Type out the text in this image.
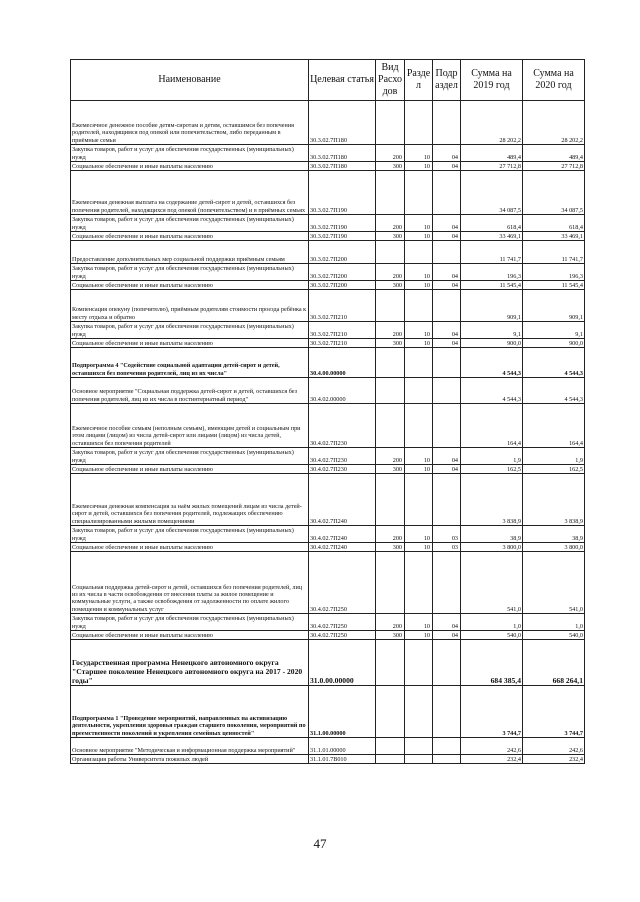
Наименование	Целевая статья	Вид Расхо дов	Разде л	Подр аздел	Сумма на 2019 год	Сумма на 2020 год
Ежемесячное денежное пособие детям-сиротам и детям, оставшимся без попечения родителей, находящимся под опекой или попечительством, либо переданным в приёмные семьи	30.3.02.7П180				28 202,2	28 202,2
Закупка товаров, работ и услуг для обеспечения государственных (муниципальных) нужд	30.3.02.7П180	200	10	04	489,4	489,4
Социальное обеспечение и иные выплаты населению	30.3.02.7П180	300	10	04	27 712,8	27 712,8
Ежемесячная денежная выплата на содержание детей-сирот и детей, оставшихся без попечения родителей, находящихся под опекой (попечительством) и в приёмных семьях	30.3.02.7П190				34 087,5	34 087,5
Закупка товаров, работ и услуг для обеспечения государственных (муниципальных) нужд	30.3.02.7П190	200	10	04	618,4	618,4
Социальное обеспечение и иные выплаты населению	30.3.02.7П190	300	10	04	33 469,1	33 469,1
Предоставление дополнительных мер социальной поддержки приёмным семьям	30.3.02.7П200				11 741,7	11 741,7
Закупка товаров, работ и услуг для обеспечения государственных (муниципальных) нужд	30.3.02.7П200	200	10	04	196,3	196,3
Социальное обеспечение и иные выплаты населению	30.3.02.7П200	300	10	04	11 545,4	11 545,4
Компенсация опекуну (попечителю), приёмным родителям стоимости проезда ребёнка к месту отдыха и обратно	30.3.02.7П210				909,1	909,1
Закупка товаров, работ и услуг для обеспечения государственных (муниципальных) нужд	30.3.02.7П210	200	10	04	9,1	9,1
Социальное обеспечение и иные выплаты населению	30.3.02.7П210	300	10	04	900,0	900,0
Подпрограмма 4 "Содействие социальной адаптации детей-сирот и детей, оставшихся без попечения родителей, лиц из их числа"	30.4.00.00000				4 544,3	4 544,3
Основное мероприятие "Социальная поддержка детей-сирот и детей, оставшихся без попечения родителей, лиц из их числа в постинтернатный период"	30.4.02.00000				4 544,3	4 544,3
Ежемесячное пособие семьям (неполным семьям), имеющим детей и социальным при этом лицами (лицом) из числа детей-сирот или лицами (лицом) из числа детей, оставшихся без попечения родителей	30.4.02.7П230				164,4	164,4
Закупка товаров, работ и услуг для обеспечения государственных (муниципальных) нужд	30.4.02.7П230	200	10	04	1,9	1,9
Социальное обеспечение и иные выплаты населению	30.4.02.7П230	300	10	04	162,5	162,5
Ежемесячная денежная компенсация за наём жилых помещений лицам из числа детей-сирот и детей, оставшихся без попечения родителей, подлежащих обеспечению специализированными жилыми помещениями	30.4.02.7П240				3 838,9	3 838,9
Закупка товаров, работ и услуг для обеспечения государственных (муниципальных) нужд	30.4.02.7П240	200	10	03	38,9	38,9
Социальное обеспечение и иные выплаты населению	30.4.02.7П240	300	10	03	3 800,0	3 800,0
Социальная поддержка детей-сирот и детей, оставшихся без попечения родителей, лиц из их числа в части освобождения от внесения платы за жилое помещение и коммунальные услуги, а также освобождения от задолженности по оплате жилого помещения и коммунальных услуг	30.4.02.7П250				541,0	541,0
Закупка товаров, работ и услуг для обеспечения государственных (муниципальных) нужд	30.4.02.7П250	200	10	04	1,0	1,0
Социальное обеспечение и иные выплаты населению	30.4.02.7П250	300	10	04	540,0	540,0
Государственная программа Ненецкого автономного округа "Старшее поколение Ненецкого автономного округа на 2017 - 2020 годы"	31.0.00.00000				684 385,4	668 264,1
Подпрограмма 1 "Проведение мероприятий, направленных на активизацию деятельности, укрепления здоровья граждан старшего поколения, мероприятий по преемственности поколений и укрепления семейных ценностей"	31.1.00.00000				3 744,7	3 744,7
Основное мероприятие "Методическая и информационная поддержка мероприятий"	31.1.01.00000				242,6	242,6
Организация работы Университета пожилых людей	31.1.01.7В010				232,4	232,4
47
